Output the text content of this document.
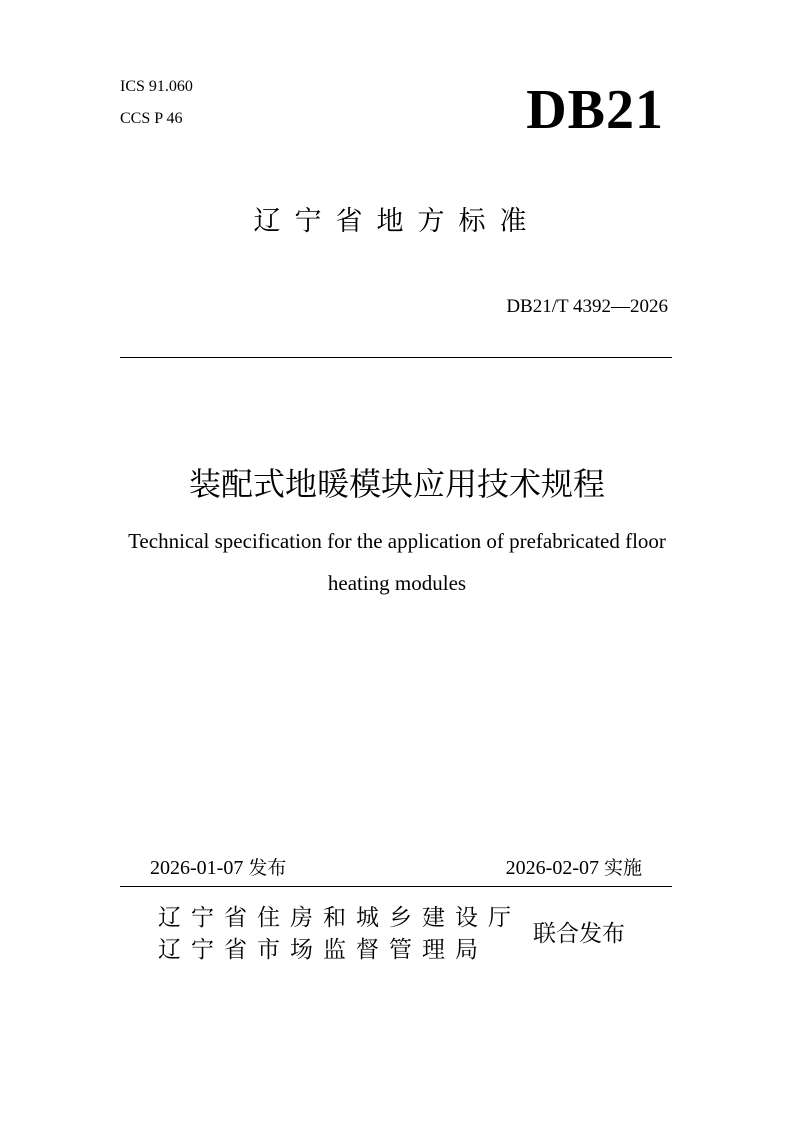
ICS 91.060
CCS P 46	DB21
辽宁省地方标准
DB21/T 4392—2026
装配式地暖模块应用技术规程
Technical specification for the application of prefabricated floor
heating modules
2026-01-07 发布	2026-02-07 实施
辽宁省住房和城乡建设厅
辽宁省市场监督管理局
联合发布
